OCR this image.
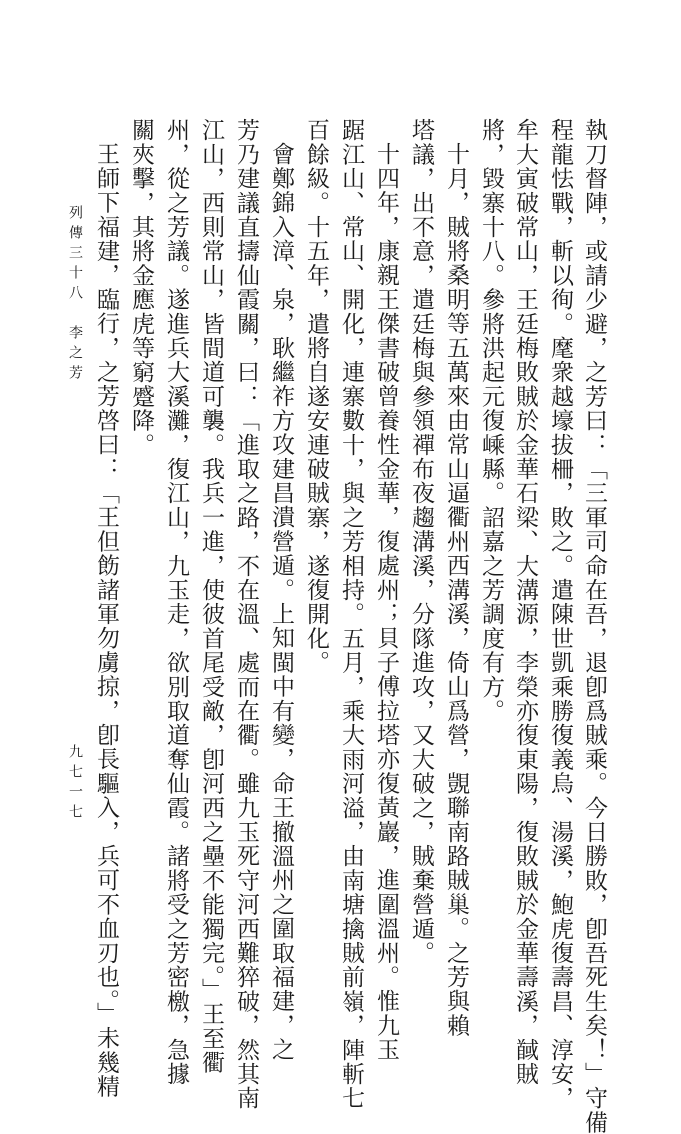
列傳三十八　李之芳
九七一七	執刀督陣，或請少避，之芳曰：「三軍司命在吾，退卽爲賊乘。今日勝敗，卽吾死生矣！」守備
程龍怯戰，斬以徇。麾衆越壕拔柵，敗之。遣陳世凱乘勝復義烏、湯溪，鮑虎復壽昌、淳安，
牟大寅破常山，王廷梅敗賊於金華石梁、大溝源，李榮亦復東陽，復敗賊於金華壽溪，馘賊
將，毀寨十八。參將洪起元復嵊縣。詔嘉之芳調度有方。
十月，賊將桑明等五萬來由常山逼衢州西溝溪，倚山爲營，覬聯南路賊巢。之芳與賴
塔議，出不意，遣廷梅與參領禪布夜趨溝溪，分隊進攻，又大破之，賊棄營遁。
十四年，康親王傑書破曾養性金華，復處州；貝子傅拉塔亦復黃巖，進圍溫州。惟九玉
踞江山、常山、開化，連寨數十，與之芳相持。五月，乘大雨河溢，由南塘擒賊前嶺，陣斬七
百餘級。十五年，遣將自遂安連破賊寨，遂復開化。
會鄭錦入漳、泉，耿繼祚方攻建昌潰營遁。上知閩中有變，命王撤溫州之圍取福建，之
芳乃建議直擣仙霞關，曰：「進取之路，不在溫、處而在衢。雖九玉死守河西難猝破，然其南
江山，西則常山，皆間道可襲。我兵一進，使彼首尾受敵，卽河西之壘不能獨完。」王至衢
州，從之芳議。遂進兵大溪灘，復江山，九玉走，欲別取道奪仙霞。諸將受之芳密檄，急據
關夾擊，其將金應虎等窮蹙降。
王師下福建，臨行，之芳啓曰：「王但飭諸軍勿虜掠，卽長驅入，兵可不血刃也。」未幾精
